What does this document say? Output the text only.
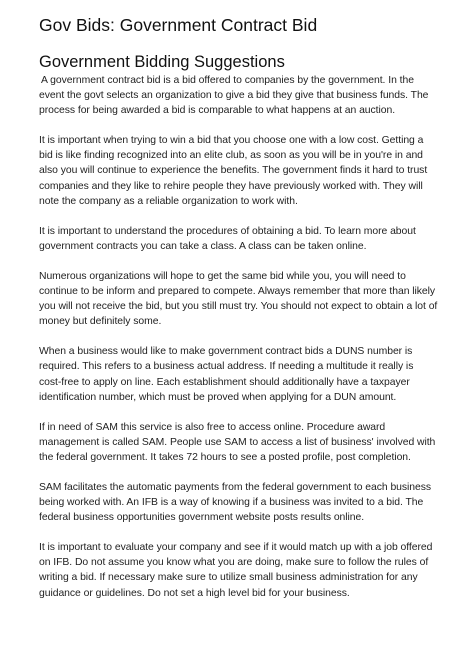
Gov Bids: Government Contract Bid
Government Bidding Suggestions

A government contract bid is a bid offered to companies by the government. In the event the govt selects an organization to give a bid they give that business funds. The process for being awarded a bid is comparable to what happens at an auction.

It is important when trying to win a bid that you choose one with a low cost. Getting a bid is like finding recognized into an elite club, as soon as you will be in you're in and also you will continue to experience the benefits. The government finds it hard to trust companies and they like to rehire people they have previously worked with. They will note the company as a reliable organization to work with.

It is important to understand the procedures of obtaining a bid. To learn more about government contracts you can take a class. A class can be taken online.

Numerous organizations will hope to get the same bid while you, you will need to continue to be inform and prepared to compete. Always remember that more than likely you will not receive the bid, but you still must try. You should not expect to obtain a lot of money but definitely some.

When a business would like to make government contract bids a DUNS number is required. This refers to a business actual address. If needing a multitude it really is cost-free to apply on line. Each establishment should additionally have a taxpayer identification number, which must be proved when applying for a DUN amount.

If in need of SAM this service is also free to access online. Procedure award management is called SAM. People use SAM to access a list of business' involved with the federal government. It takes 72 hours to see a posted profile, post completion.

SAM facilitates the automatic payments from the federal government to each business being worked with. An IFB is a way of knowing if a business was invited to a bid. The federal business opportunities government website posts results online.

It is important to evaluate your company and see if it would match up with a job offered on IFB. Do not assume you know what you are doing, make sure to follow the rules of writing a bid. If necessary make sure to utilize small business administration for any guidance or guidelines. Do not set a high level bid for your business.
